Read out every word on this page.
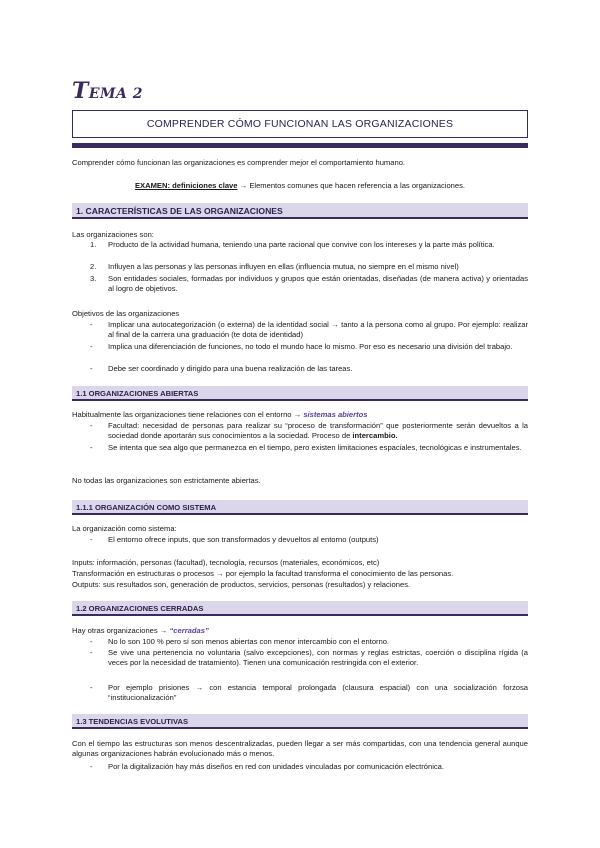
TEMA 2
COMPRENDER CÓMO FUNCIONAN LAS ORGANIZACIONES
Comprender cómo funcionan las organizaciones es comprender mejor el comportamiento humano.
EXAMEN: definiciones clave → Elementos comunes que hacen referencia a las organizaciones.
1. CARACTERÍSTICAS DE LAS ORGANIZACIONES
Las organizaciones son:
1.	Producto de la actividad humana, teniendo una parte racional que convive con los intereses y la parte más política.
2.	Influyen a las personas y las personas influyen en ellas (influencia mutua, no siempre en el mismo nivel)
3.	Son entidades sociales, formadas por individuos y grupos que están orientadas, diseñadas (de manera activa) y orientadas al logro de objetivos.
Objetivos de las organizaciones
-	Implicar una autocategorización (o externa) de la identidad social → tanto a la persona como al grupo. Por ejemplo: realizar al final de la carrera una graduación (te dota de identidad)
-	Implica una diferenciación de funciones, no todo el mundo hace lo mismo. Por eso es necesario una división del trabajo.
-	Debe ser coordinado y dirigido para una buena realización de las tareas.
1.1 ORGANIZACIONES ABIERTAS
Habitualmente las organizaciones tiene relaciones con el entorno → sistemas abiertos
-	Facultad: necesidad de personas para realizar su “proceso de transformación” que posteriormente serán devueltos a la sociedad donde aportarán sus conocimientos a la sociedad. Proceso de intercambio.
-	Se intenta que sea algo que permanezca en el tiempo, pero existen limitaciones espaciales, tecnológicas e instrumentales.
No todas las organizaciones son estrictamente abiertas.
1.1.1 ORGANIZACIÓN COMO SISTEMA
La organización como sistema:
-	El entorno ofrece inputs, que son transformados y devueltos al entorno (outputs)
Inputs: información, personas (facultad), tecnología, recursos (materiales, económicos, etc)
Transformación en estructuras o procesos → por ejemplo la facultad transforma el conocimiento de las personas.
Outputs: sus resultados son, generación de productos, servicios, personas (resultados) y relaciones.
1.2 ORGANIZACIONES CERRADAS
Hay otras organizaciones → “cerradas”
-	No lo son 100 % pero sí son menos abiertas con menor intercambio con el entorno.
-	Se vive una pertenencia no voluntaria (salvo excepciones), con normas y reglas estrictas, coerción o disciplina rígida (a veces por la necesidad de tratamiento). Tienen una comunicación restringida con el exterior.
-	Por ejemplo prisiones → con estancia temporal prolongada (clausura espacial) con una socialización forzosa “institucionalización”
1.3 TENDENCIAS EVOLUTIVAS
Con el tiempo las estructuras son menos descentralizadas, pueden llegar a ser más compartidas, con una tendencia general aunque algunas organizaciones habrán evolucionado más o menos.
-	Por la digitalización hay más diseños en red con unidades vinculadas por comunicación electrónica.
